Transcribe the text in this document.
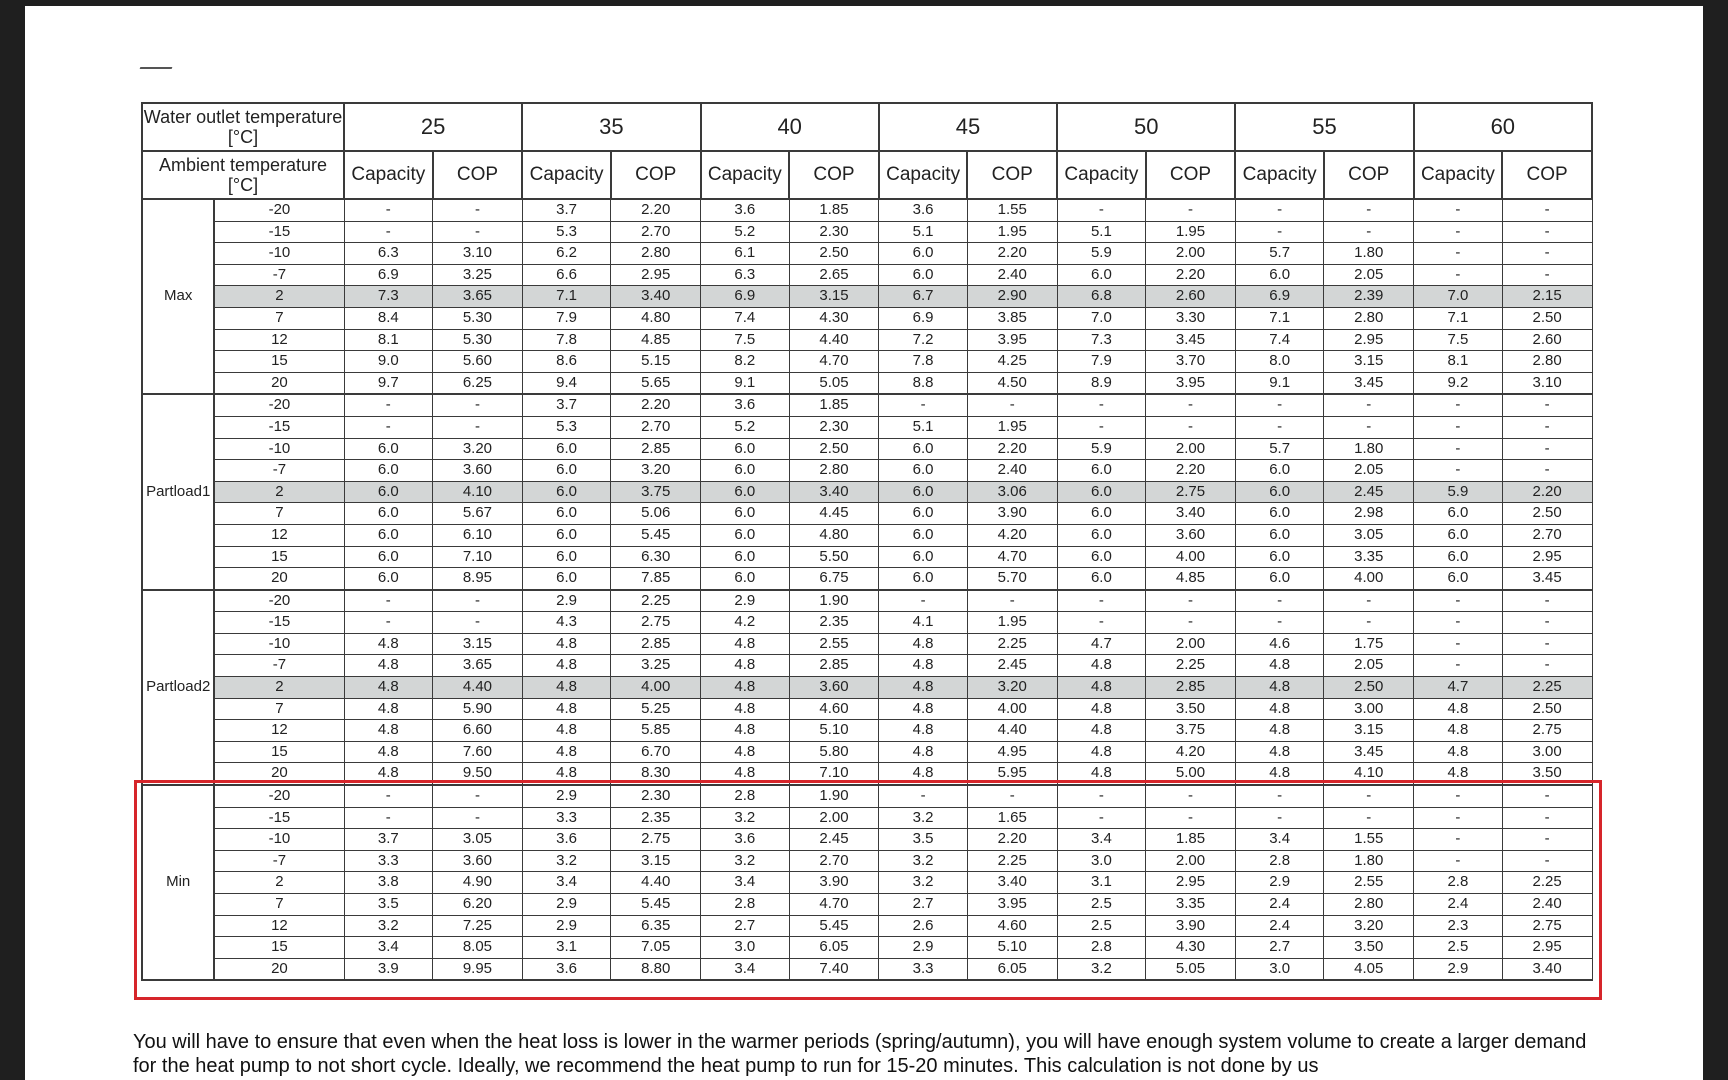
Water outlet temperature [°C]		25		35		40		45		50		55		60	
Ambient temperature [°C]		Capacity	COP	Capacity	COP	Capacity	COP	Capacity	COP	Capacity	COP	Capacity	COP	Capacity	COP
Max	-20	-	-	3.7	2.20	3.6	1.85	3.6	1.55	-	-	-	-	-	-
	-15	-	-	5.3	2.70	5.2	2.30	5.1	1.95	5.1	1.95	-	-	-	-
	-10	6.3	3.10	6.2	2.80	6.1	2.50	6.0	2.20	5.9	2.00	5.7	1.80	-	-
	-7	6.9	3.25	6.6	2.95	6.3	2.65	6.0	2.40	6.0	2.20	6.0	2.05	-	-
	2	7.3	3.65	7.1	3.40	6.9	3.15	6.7	2.90	6.8	2.60	6.9	2.39	7.0	2.15
	7	8.4	5.30	7.9	4.80	7.4	4.30	6.9	3.85	7.0	3.30	7.1	2.80	7.1	2.50
	12	8.1	5.30	7.8	4.85	7.5	4.40	7.2	3.95	7.3	3.45	7.4	2.95	7.5	2.60
	15	9.0	5.60	8.6	5.15	8.2	4.70	7.8	4.25	7.9	3.70	8.0	3.15	8.1	2.80
	20	9.7	6.25	9.4	5.65	9.1	5.05	8.8	4.50	8.9	3.95	9.1	3.45	9.2	3.10
Partload1	-20	-	-	3.7	2.20	3.6	1.85	-	-	-	-	-	-	-	-
	-15	-	-	5.3	2.70	5.2	2.30	5.1	1.95	-	-	-	-	-	-
	-10	6.0	3.20	6.0	2.85	6.0	2.50	6.0	2.20	5.9	2.00	5.7	1.80	-	-
	-7	6.0	3.60	6.0	3.20	6.0	2.80	6.0	2.40	6.0	2.20	6.0	2.05	-	-
	2	6.0	4.10	6.0	3.75	6.0	3.40	6.0	3.06	6.0	2.75	6.0	2.45	5.9	2.20
	7	6.0	5.67	6.0	5.06	6.0	4.45	6.0	3.90	6.0	3.40	6.0	2.98	6.0	2.50
	12	6.0	6.10	6.0	5.45	6.0	4.80	6.0	4.20	6.0	3.60	6.0	3.05	6.0	2.70
	15	6.0	7.10	6.0	6.30	6.0	5.50	6.0	4.70	6.0	4.00	6.0	3.35	6.0	2.95
	20	6.0	8.95	6.0	7.85	6.0	6.75	6.0	5.70	6.0	4.85	6.0	4.00	6.0	3.45
Partload2	-20	-	-	2.9	2.25	2.9	1.90	-	-	-	-	-	-	-	-
	-15	-	-	4.3	2.75	4.2	2.35	4.1	1.95	-	-	-	-	-	-
	-10	4.8	3.15	4.8	2.85	4.8	2.55	4.8	2.25	4.7	2.00	4.6	1.75	-	-
	-7	4.8	3.65	4.8	3.25	4.8	2.85	4.8	2.45	4.8	2.25	4.8	2.05	-	-
	2	4.8	4.40	4.8	4.00	4.8	3.60	4.8	3.20	4.8	2.85	4.8	2.50	4.7	2.25
	7	4.8	5.90	4.8	5.25	4.8	4.60	4.8	4.00	4.8	3.50	4.8	3.00	4.8	2.50
	12	4.8	6.60	4.8	5.85	4.8	5.10	4.8	4.40	4.8	3.75	4.8	3.15	4.8	2.75
	15	4.8	7.60	4.8	6.70	4.8	5.80	4.8	4.95	4.8	4.20	4.8	3.45	4.8	3.00
	20	4.8	9.50	4.8	8.30	4.8	7.10	4.8	5.95	4.8	5.00	4.8	4.10	4.8	3.50
Min	-20	-	-	2.9	2.30	2.8	1.90	-	-	-	-	-	-	-	-
	-15	-	-	3.3	2.35	3.2	2.00	3.2	1.65	-	-	-	-	-	-
	-10	3.7	3.05	3.6	2.75	3.6	2.45	3.5	2.20	3.4	1.85	3.4	1.55	-	-
	-7	3.3	3.60	3.2	3.15	3.2	2.70	3.2	2.25	3.0	2.00	2.8	1.80	-	-
	2	3.8	4.90	3.4	4.40	3.4	3.90	3.2	3.40	3.1	2.95	2.9	2.55	2.8	2.25
	7	3.5	6.20	2.9	5.45	2.8	4.70	2.7	3.95	2.5	3.35	2.4	2.80	2.4	2.40
	12	3.2	7.25	2.9	6.35	2.7	5.45	2.6	4.60	2.5	3.90	2.4	3.20	2.3	2.75
	15	3.4	8.05	3.1	7.05	3.0	6.05	2.9	5.10	2.8	4.30	2.7	3.50	2.5	2.95
	20	3.9	9.95	3.6	8.80	3.4	7.40	3.3	6.05	3.2	5.05	3.0	4.05	2.9	3.40

You will have to ensure that even when the heat loss is lower in the warmer periods (spring/autumn), you will have enough system volume to create a larger demand for the heat pump to not short cycle. Ideally, we recommend the heat pump to run for 15-20 minutes. This calculation is not done by us
